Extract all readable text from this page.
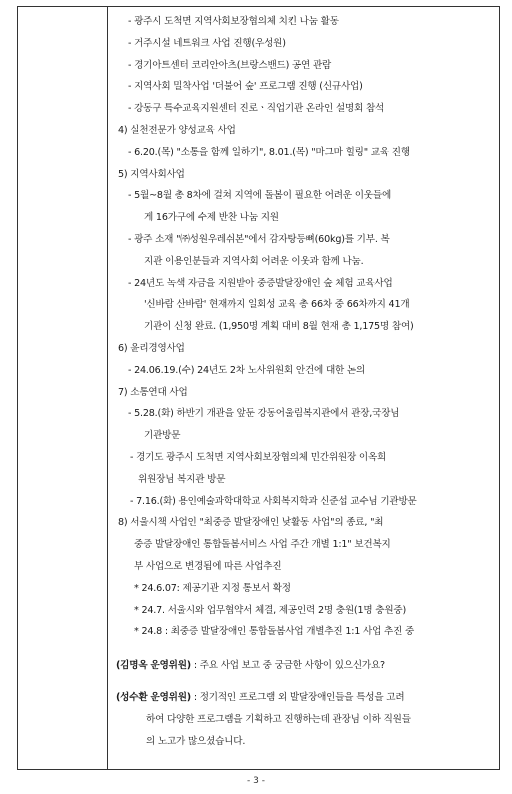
- 광주시 도척면 지역사회보장협의체 치킨 나눔 활동
- 거주시설 네트워크 사업 진행(우성원)
- 경기아트센터 코리안아츠(브랑스밴드) 공연 관람
- 지역사회 밀착사업 '더불어 숲' 프로그램 진행 (신규사업)
- 강동구 특수교육지원센터 진로ㆍ직업기관 온라인 설명회 참석
4) 실천전문가 양성교육 사업
- 6.20.(목) "소통을 함께 일하기", 8.01.(목) "마그마 힐링" 교육 진행
5) 지역사회사업
- 5월~8월 총 8차에 걸쳐 지역에 돌봄이 필요한 어려운 이웃들에
게 16가구에 수제 반찬 나눔 지원
- 광주 소재 "㈜성원우레쉬본"에서 감자탕등뼈(60kg)를 기부. 복
지관 이용인분들과 지역사회 어려운 이웃과 함께 나눔.
- 24년도 녹색 자금을 지원받아 중증발달장애인 숲 체험 교육사업
'신바람 산바람' 현재까지 일회성 교육 총 66차 중 66차까지 41개
기관이 신청 완료. (1,950명 계획 대비 8월 현재 총 1,175명 참여)
6) 윤리경영사업
- 24.06.19.(수) 24년도 2차 노사위원회 안건에 대한 논의
7) 소통연대 사업
- 5.28.(화) 하반기 개관을 앞둔 강동어울림복지관에서 관장,국장님
기관방문
- 경기도 광주시 도척면 지역사회보장협의체 민간위원장 이옥희
위원장님 복지관 방문
- 7.16.(화) 용인예술과학대학교 사회복지학과 신준섭 교수님 기관방문
8) 서울시책 사업인 "최중증 발달장애인 낮활동 사업"의 종료, "최
중증 발달장애인 통합돌봄서비스 사업 주간 개별 1:1" 보건복지
부 사업으로 변경됨에 따른 사업추진
* 24.6.07: 제공기관 지정 통보서 확정
* 24.7. 서울시와 업무협약서 체결, 제공인력 2명 충원(1명 충원중)
* 24.8 : 최중증 발달장애인 통합돌봄사업 개별추진 1:1 사업 추진 중
(김명옥 운영위원) : 주요 사업 보고 중 궁금한 사항이 있으신가요?
(성수환 운영위원) : 정기적인 프로그램 외 발달장애인들을 특성을 고려
하여 다양한 프로그램을 기획하고 진행하는데 관장님 이하 직원들
의 노고가 많으셨습니다.
- 3 -
